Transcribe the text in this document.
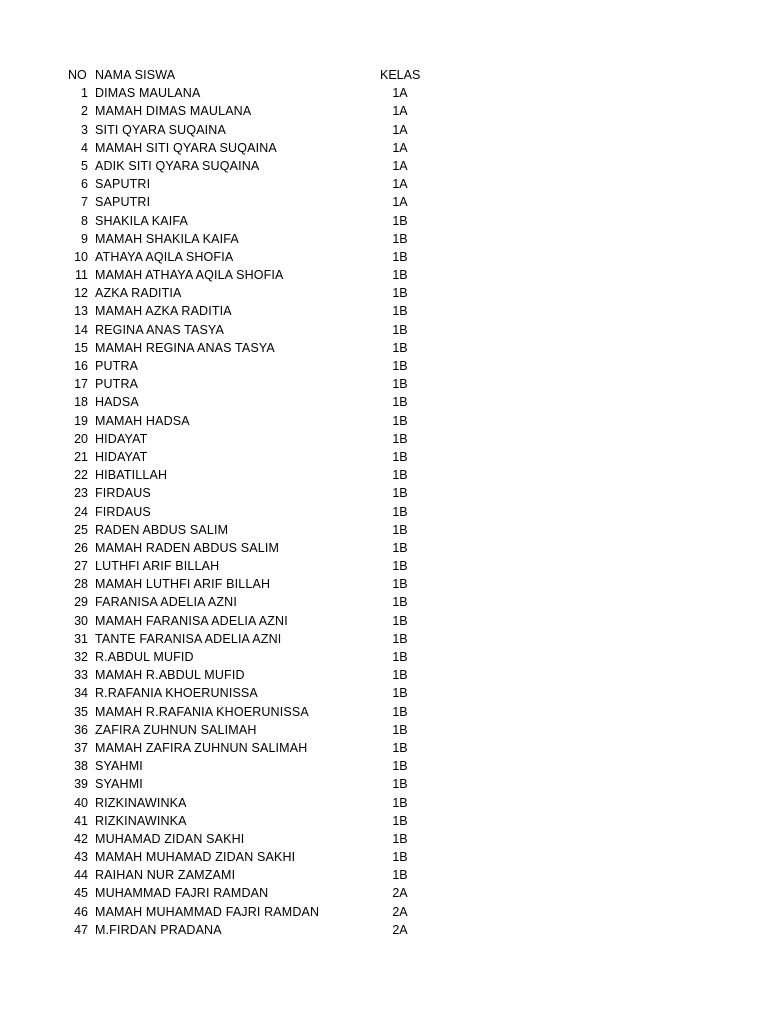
NO NAMA SISWA	KELAS
1 DIMAS MAULANA	1A
2 MAMAH DIMAS MAULANA	1A
3 SITI QYARA SUQAINA	1A
4 MAMAH SITI QYARA SUQAINA	1A
5 ADIK SITI QYARA SUQAINA	1A
6 SAPUTRI	1A
7 SAPUTRI	1A
8 SHAKILA KAIFA	1B
9 MAMAH SHAKILA KAIFA	1B
10 ATHAYA AQILA SHOFIA	1B
11 MAMAH ATHAYA AQILA SHOFIA	1B
12 AZKA RADITIA	1B
13 MAMAH AZKA RADITIA	1B
14 REGINA ANAS TASYA	1B
15 MAMAH REGINA ANAS TASYA	1B
16 PUTRA	1B
17 PUTRA	1B
18 HADSA	1B
19 MAMAH HADSA	1B
20 HIDAYAT	1B
21 HIDAYAT	1B
22 HIBATILLAH	1B
23 FIRDAUS	1B
24 FIRDAUS	1B
25 RADEN ABDUS SALIM	1B
26 MAMAH RADEN ABDUS SALIM	1B
27 LUTHFI ARIF BILLAH	1B
28 MAMAH LUTHFI ARIF BILLAH	1B
29 FARANISA ADELIA AZNI	1B
30 MAMAH FARANISA ADELIA AZNI	1B
31 TANTE FARANISA ADELIA AZNI	1B
32 R.ABDUL MUFID	1B
33 MAMAH R.ABDUL MUFID	1B
34 R.RAFANIA KHOERUNISSA	1B
35 MAMAH R.RAFANIA KHOERUNISSA	1B
36 ZAFIRA ZUHNUN SALIMAH	1B
37 MAMAH ZAFIRA ZUHNUN SALIMAH	1B
38 SYAHMI	1B
39 SYAHMI	1B
40 RIZKINAWINKA	1B
41 RIZKINAWINKA	1B
42 MUHAMAD ZIDAN SAKHI	1B
43 MAMAH MUHAMAD ZIDAN SAKHI	1B
44 RAIHAN NUR ZAMZAMI	1B
45 MUHAMMAD FAJRI RAMDAN	2A
46 MAMAH MUHAMMAD FAJRI RAMDAN	2A
47 M.FIRDAN PRADANA	2A
